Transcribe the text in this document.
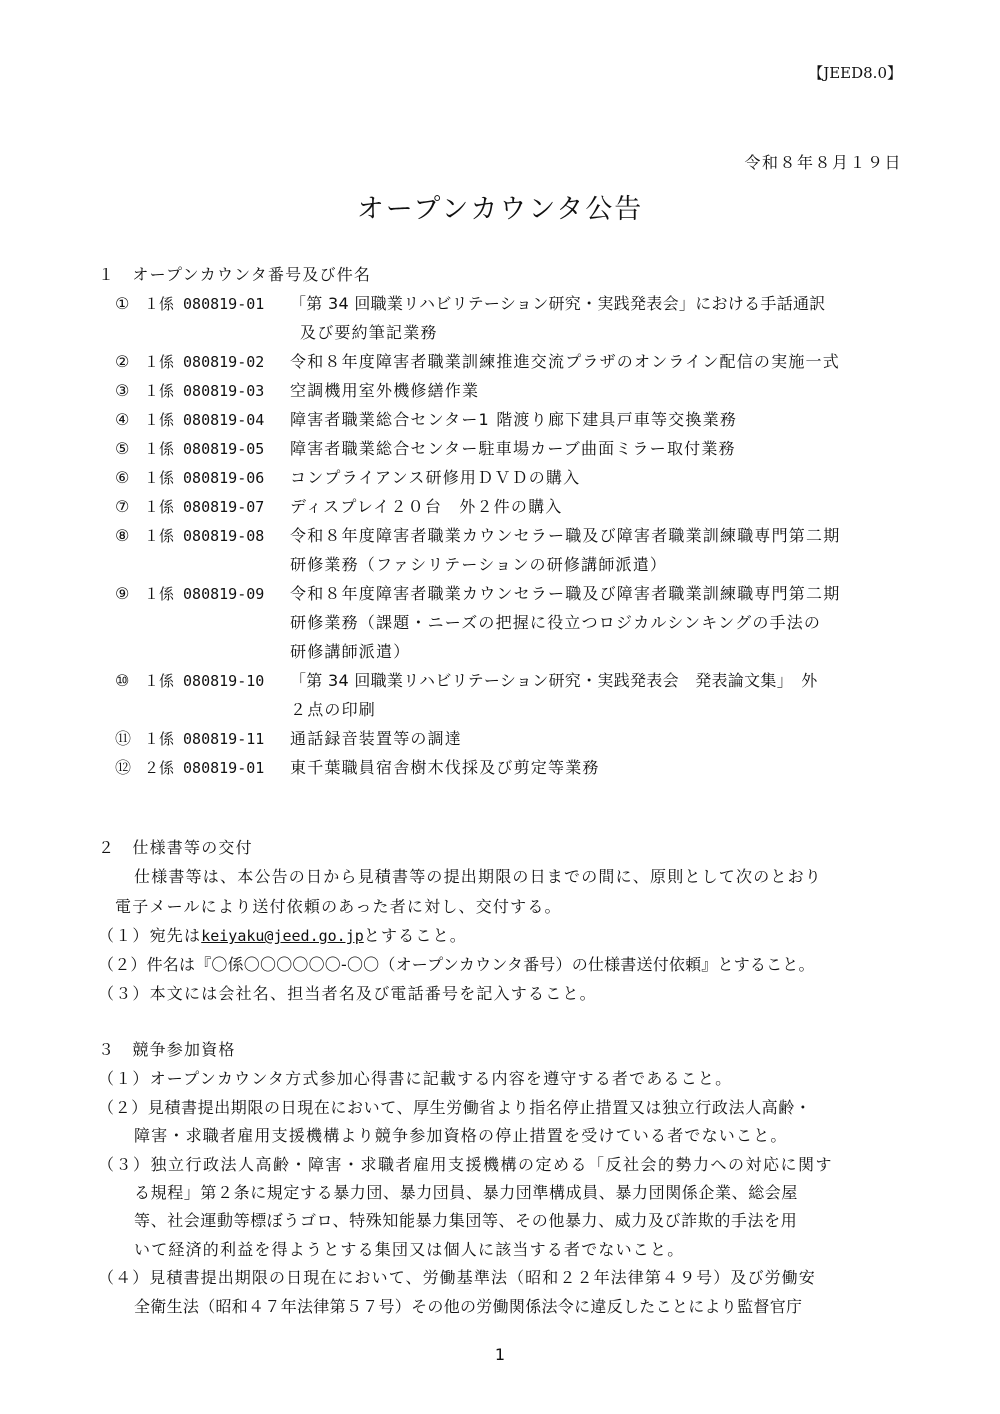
【JEED8.0】
令和８年８月１９日
オープンカウンタ公告
１　オープンカウンタ番号及び件名
① １係 080819-01 「第 34 回職業リハビリテーション研究・実践発表会」における手話通訳
及び要約筆記業務
② １係 080819-02 令和８年度障害者職業訓練推進交流プラザのオンライン配信の実施一式
③ １係 080819-03 空調機用室外機修繕作業
④ １係 080819-04 障害者職業総合センター1 階渡り廊下建具戸車等交換業務
⑤ １係 080819-05 障害者職業総合センター駐車場カーブ曲面ミラー取付業務
⑥ １係 080819-06 コンプライアンス研修用ＤＶＤの購入
⑦ １係 080819-07 ディスプレイ２０台　外２件の購入
⑧ １係 080819-08 令和８年度障害者職業カウンセラー職及び障害者職業訓練職専門第二期
研修業務（ファシリテーションの研修講師派遣）
⑨ １係 080819-09 令和８年度障害者職業カウンセラー職及び障害者職業訓練職専門第二期
研修業務（課題・ニーズの把握に役立つロジカルシンキングの手法の
研修講師派遣）
⑩ １係 080819-10 「第 34 回職業リハビリテーション研究・実践発表会　発表論文集」　外
２点の印刷
⑪ １係 080819-11 通話録音装置等の調達
⑫ ２係 080819-01 東千葉職員宿舎樹木伐採及び剪定等業務
２　仕様書等の交付
仕様書等は、本公告の日から見積書等の提出期限の日までの間に、原則として次のとおり
電子メールにより送付依頼のあった者に対し、交付する。
（１）宛先はkeiyaku@jeed.go.jpとすること。
（２）件名は『〇係〇〇〇〇〇〇-〇〇（オープンカウンタ番号）の仕様書送付依頼』とすること。
（３）本文には会社名、担当者名及び電話番号を記入すること。
３　競争参加資格
（１）オープンカウンタ方式参加心得書に記載する内容を遵守する者であること。
（２）見積書提出期限の日現在において、厚生労働省より指名停止措置又は独立行政法人高齢・
障害・求職者雇用支援機構より競争参加資格の停止措置を受けている者でないこと。
（３）独立行政法人高齢・障害・求職者雇用支援機構の定める「反社会的勢力への対応に関す
る規程」第２条に規定する暴力団、暴力団員、暴力団準構成員、暴力団関係企業、総会屋
等、社会運動等標ぼうゴロ、特殊知能暴力集団等、その他暴力、威力及び詐欺的手法を用
いて経済的利益を得ようとする集団又は個人に該当する者でないこと。
（４）見積書提出期限の日現在において、労働基準法（昭和２２年法律第４９号）及び労働安
全衛生法（昭和４７年法律第５７号）その他の労働関係法令に違反したことにより監督官庁
1
